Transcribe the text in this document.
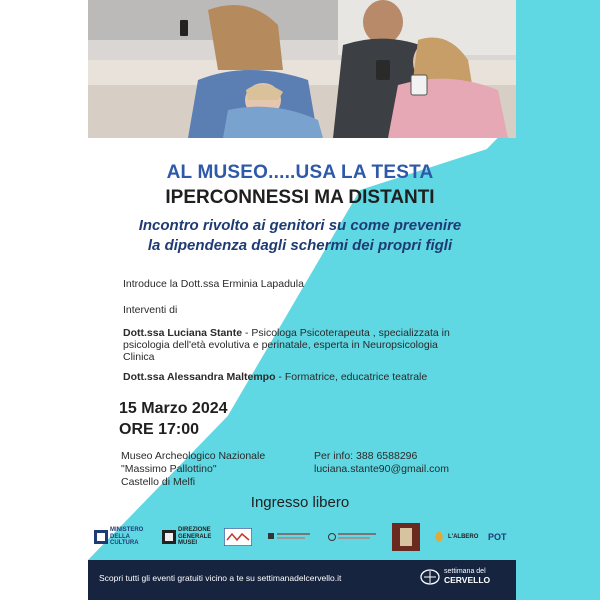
AL MUSEO.....USA LA TESTA
IPERCONNESSI MA DISTANTI
Incontro rivolto ai genitori su come prevenire
la dipendenza dagli schermi dei propri figli
Introduce la Dott.ssa Erminia Lapadula
Interventi di
Dott.ssa Luciana Stante - Psicologa Psicoterapeuta , specializzata in
psicologia dell'età evolutiva e perinatale, esperta in Neuropsicologia
Clinica
Dott.ssa Alessandra Maltempo - Formatrice, educatrice teatrale
15 Marzo 2024
ORE 17:00
Museo Archeologico Nazionale
"Massimo Pallottino"
Castello di Melfi
Per info: 388 6588296
luciana.stante90@gmail.com
Ingresso libero
MINISTERO
DELLA
CULTURA
DIREZIONE
GENERALE
MUSEI
L'ALBERO POT
Scopri tutti gli eventi gratuiti vicino a te su settimanadelcervello.it
settimana del
CERVELLO
